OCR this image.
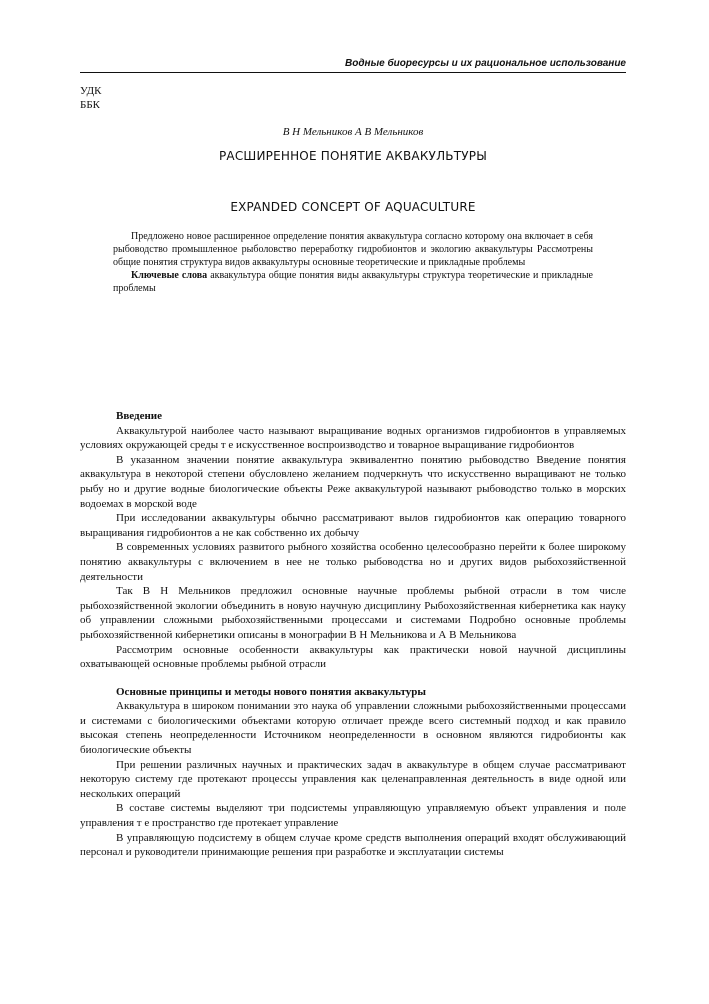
Водные биоресурсы и их рациональное использование
УДК
ББК
В Н Мельников А В Мельников
РАСШИРЕННОЕ ПОНЯТИЕ АКВАКУЛЬТУРЫ
EXPANDED CONCEPT OF AQUACULTURE

Предложено новое расширенное определение понятия аквакультура согласно которому она включает в себя рыбоводство промышленное рыболовство переработку гидробионтов и экологию аквакультуры Рассмотрены общие понятия структура видов аквакультуры основные теоретические и прикладные проблемы

Ключевые слова аквакультура общие понятия виды аквакультуры структура теоретические и прикладные проблемы

Введение

Аквакультурой наиболее часто называют выращивание водных организмов гидробионтов в управляемых условиях окружающей среды т е искусственное воспроизводство и товарное выращивание гидробионтов

В указанном значении понятие аквакультура эквивалентно понятию рыбоводство Введение понятия аквакультура в некоторой степени обусловлено желанием подчеркнуть что искусственно выращивают не только рыбу но и другие водные биологические объекты Реже аквакультурой называют рыбоводство только в морских водоемах в морской воде

При исследовании аквакультуры обычно рассматривают вылов гидробионтов как операцию товарного выращивания гидробионтов а не как собственно их добычу

В современных условиях развитого рыбного хозяйства особенно целесообразно перейти к более широкому понятию аквакультуры с включением в нее не только рыбоводства но и других видов рыбохозяйственной деятельности

Так В Н Мельников предложил основные научные проблемы рыбной отрасли в том числе рыбохозяйственной экологии объединить в новую научную дисциплину Рыбохозяйственная кибернетика как науку об управлении сложными рыбохозяйственными процессами и системами Подробно основные проблемы рыбохозяйственной кибернетики описаны в монографии В Н Мельникова и А В Мельникова

Рассмотрим основные особенности аквакультуры как практически новой научной дисциплины охватывающей основные проблемы рыбной отрасли

Основные принципы и методы нового понятия аквакультуры

Аквакультура в широком понимании это наука об управлении сложными рыбохозяйственными процессами и системами с биологическими объектами которую отличает прежде всего системный подход и как правило высокая степень неопределенности Источником неопределенности в основном являются гидробионты как биологические объекты

При решении различных научных и практических задач в аквакультуре в общем случае рассматривают некоторую систему где протекают процессы управления как целенаправленная деятельность в виде одной или нескольких операций

В составе системы выделяют три подсистемы управляющую управляемую объект управления и поле управления т е пространство где протекает управление

В управляющую подсистему в общем случае кроме средств выполнения операций входят обслуживающий персонал и руководители принимающие решения при разработке и эксплуатации системы
